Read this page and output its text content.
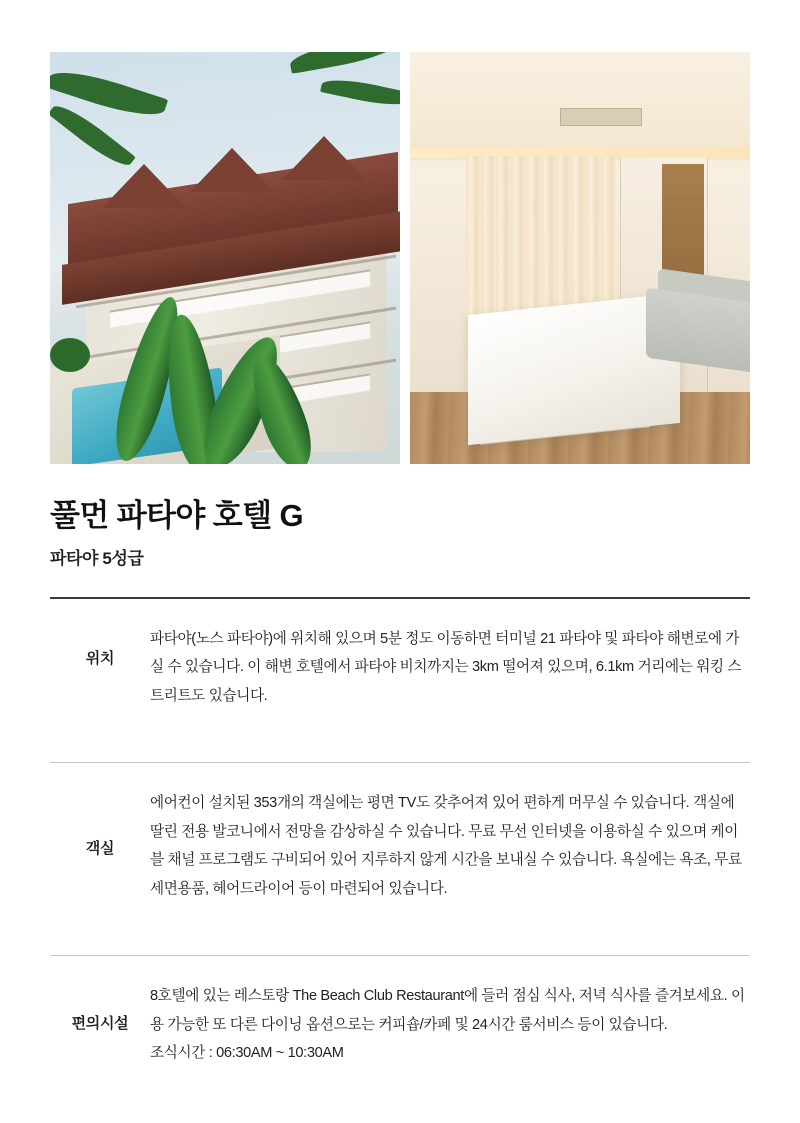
풀먼 파타야 호텔 G

파타야 5성급

위치

파타야(노스 파타야)에 위치해 있으며 5분 정도 이동하면 터미널 21 파타야 및 파타야 해변로에 가실 수 있습니다. 이 해변 호텔에서 파타야 비치까지는 3km 떨어져 있으며, 6.1km 거리에는 워킹 스트리트도 있습니다.

객실

에어컨이 설치된 353개의 객실에는 평면 TV도 갖추어져 있어 편하게 머무실 수 있습니다. 객실에 딸린 전용 발코니에서 전망을 감상하실 수 있습니다. 무료 무선 인터넷을 이용하실 수 있으며 케이블 채널 프로그램도 구비되어 있어 지루하지 않게 시간을 보내실 수 있습니다. 욕실에는 욕조, 무료 세면용품, 헤어드라이어 등이 마련되어 있습니다.

편의시설

8호텔에 있는 레스토랑 The Beach Club Restaurant에 들러 점심 식사, 저녁 식사를 즐겨보세요. 이용 가능한 또 다른 다이닝 옵션으로는 커피숍/카페 및 24시간 룸서비스 등이 있습니다.

조식시간 : 06:30AM ~ 10:30AM
